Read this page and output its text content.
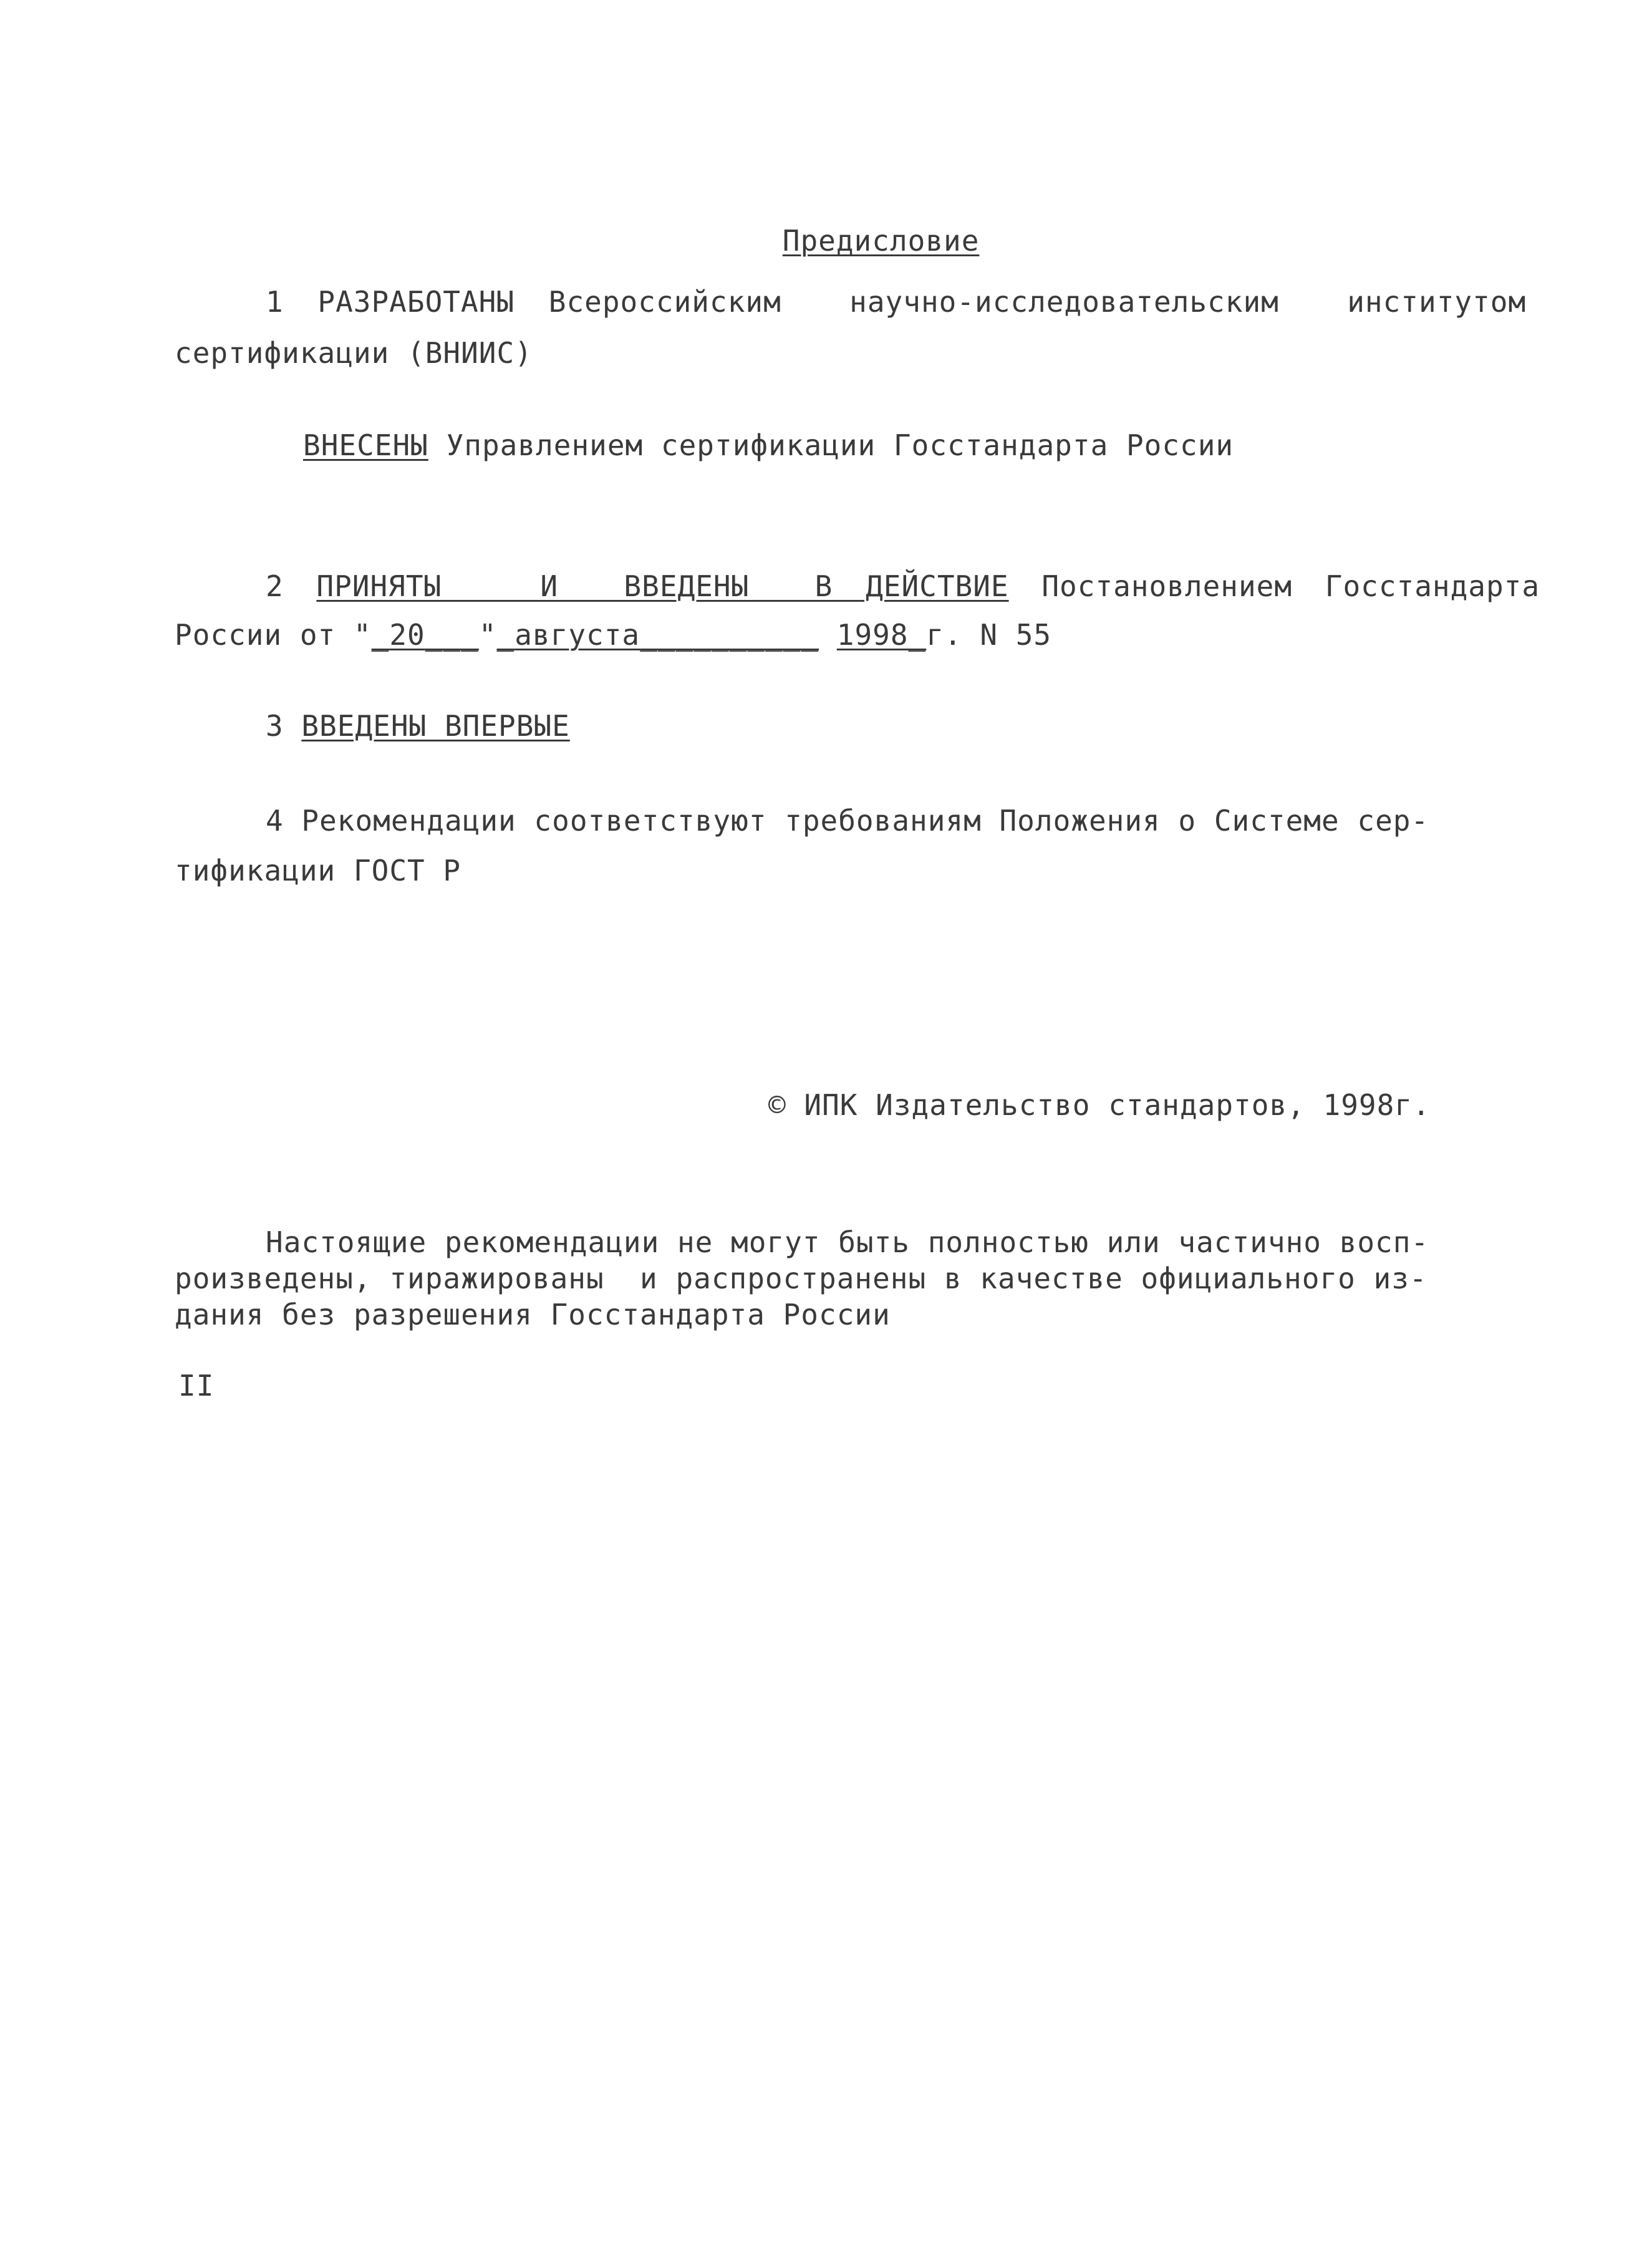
Предисловие

1 РАЗРАБОТАНЫ Всероссийским  научно-исследовательским  институтом
сертификации (ВНИИС)
ВНЕСЕНЫ Управлением сертификации Госстандарта России
2 ПРИНЯТЫ   И  ВВЕДЕНЫ  В ДЕЙСТВИЕ Постановлением Госстандарта
России от "_20___"_августа__________ 1998_г. N 55
3 ВВЕДЕНЫ ВПЕРВЫЕ
4 Рекомендации соответствуют требованиям Положения о Системе сер-
тификации ГОСТ Р
© ИПК Издательство стандартов, 1998г.
Настоящие рекомендации не могут быть полностью или частично восп-
роизведены, тиражированы  и распространены в качестве официального из-
дания без разрешения Госстандарта России
II
